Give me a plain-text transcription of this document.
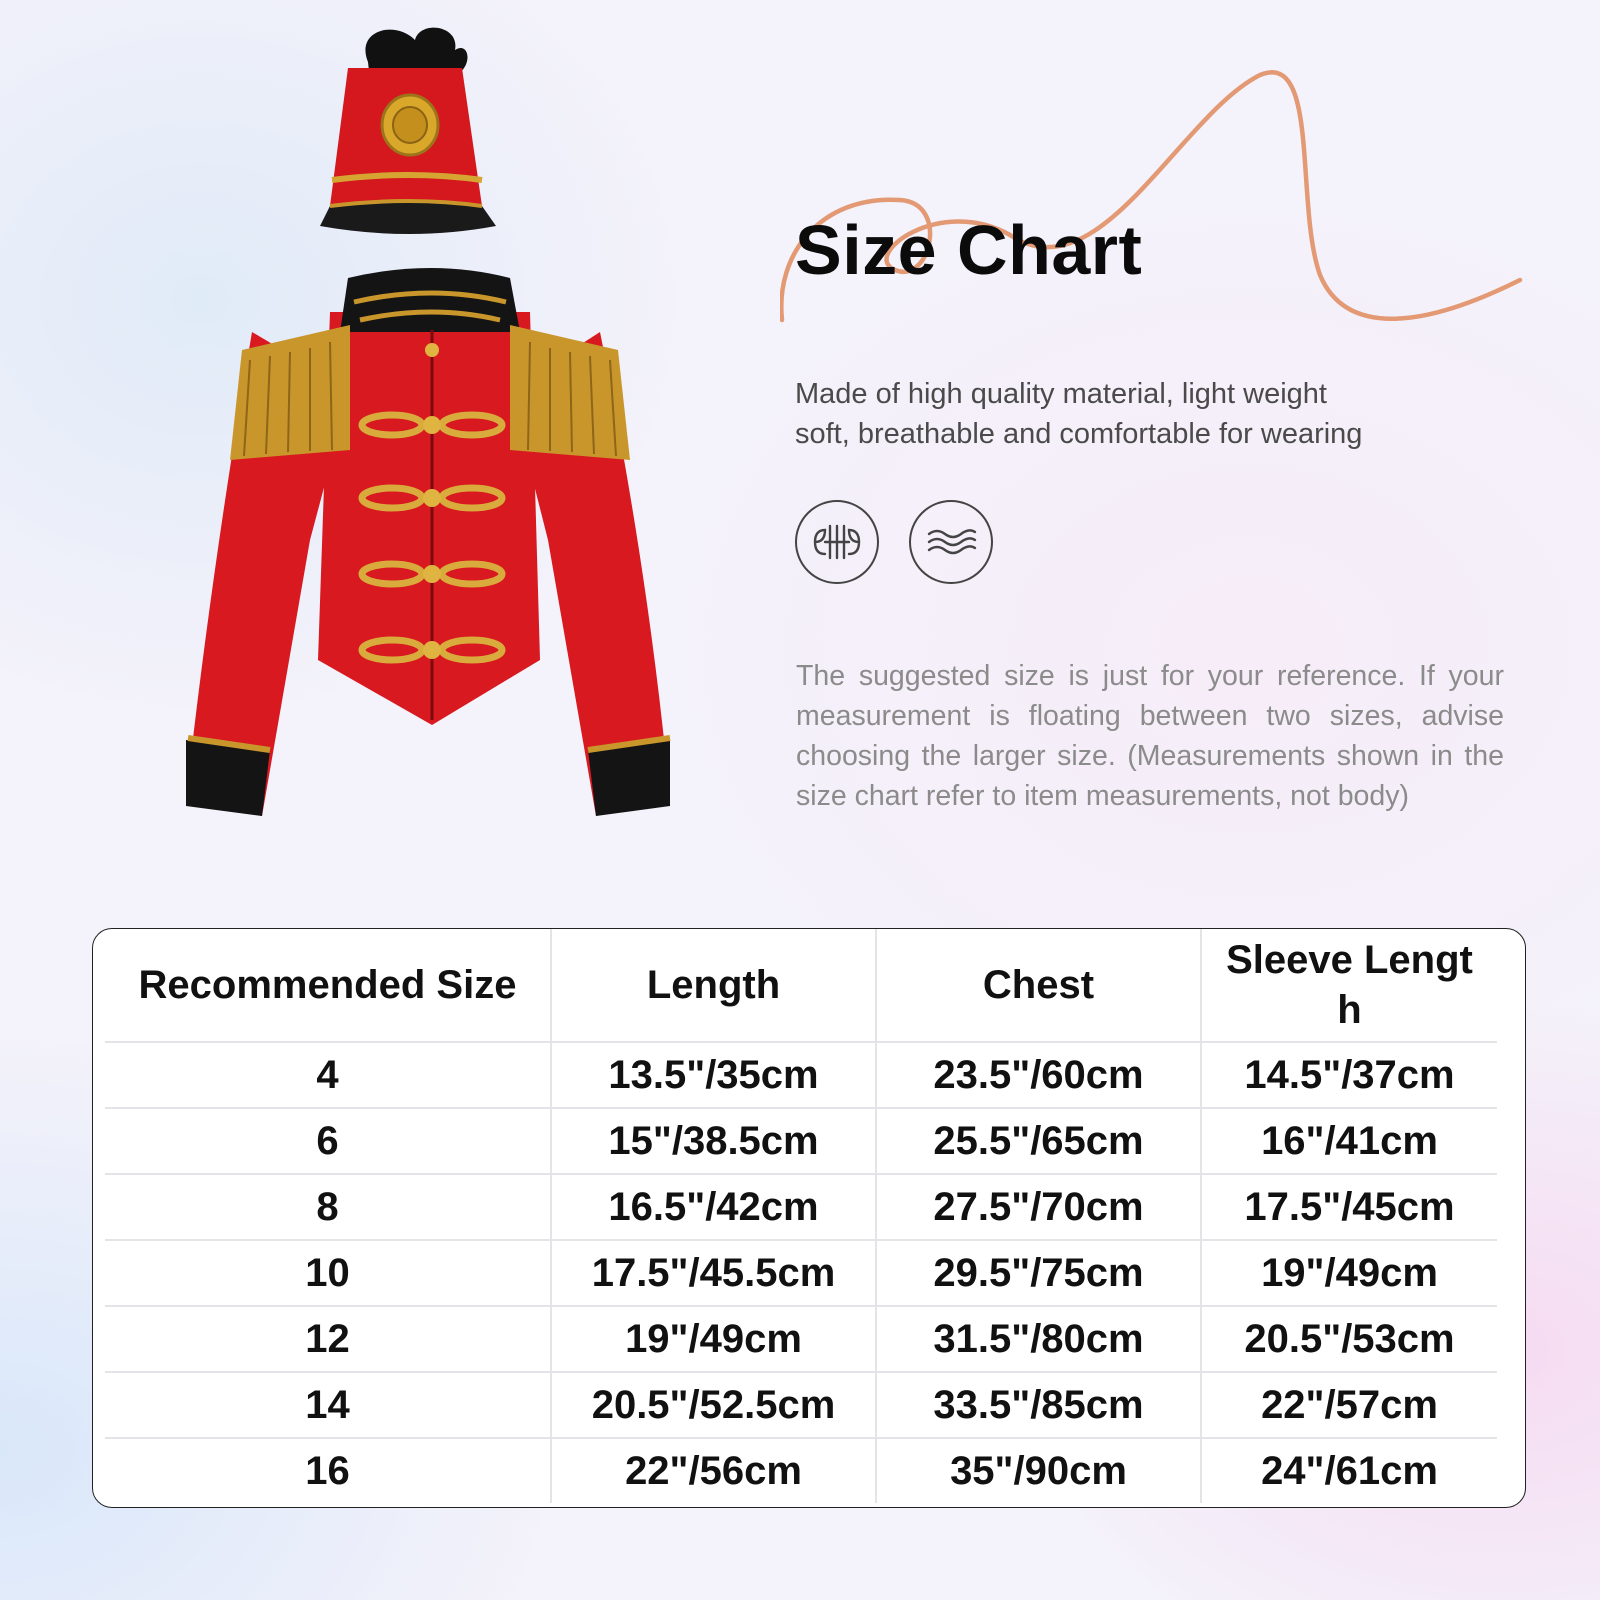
Size Chart

Made of high quality material, light weight
soft, breathable and comfortable for wearing

The suggested size is just for your reference. If your measurement is floating between two sizes, advise choosing the larger size. (Measurements shown in the size chart refer to item measurements, not body)

Recommended Size	Length	Chest	Sleeve Length
4	13.5"/35cm	23.5"/60cm	14.5"/37cm
6	15"/38.5cm	25.5"/65cm	16"/41cm
8	16.5"/42cm	27.5"/70cm	17.5"/45cm
10	17.5"/45.5cm	29.5"/75cm	19"/49cm
12	19"/49cm	31.5"/80cm	20.5"/53cm
14	20.5"/52.5cm	33.5"/85cm	22"/57cm
16	22"/56cm	35"/90cm	24"/61cm
